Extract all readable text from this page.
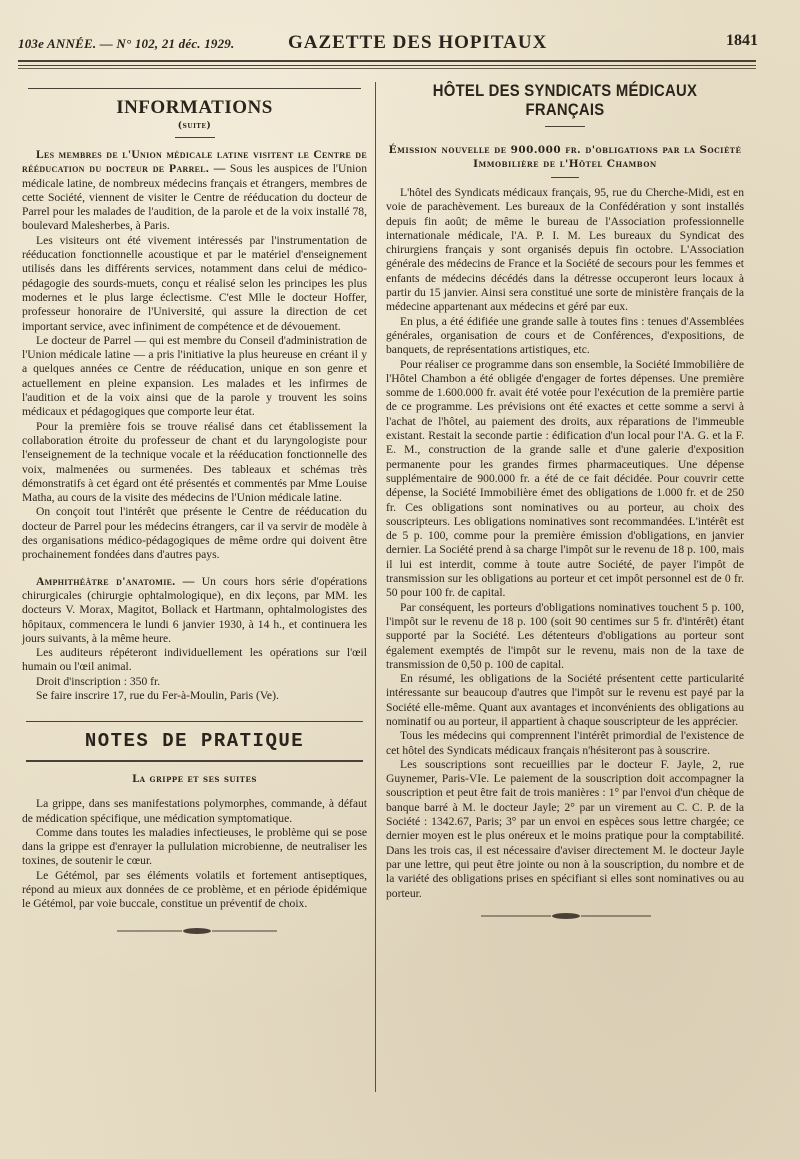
103e ANNÉE. — N° 102, 21 déc. 1929.	GAZETTE DES HOPITAUX	1841
INFORMATIONS
(suite)

Les membres de l'Union médicale latine visitent le Centre de rééducation du docteur de Parrel. — Sous les auspices de l'Union médicale latine, de nombreux médecins français et étrangers, membres de cette Société, viennent de visiter le Centre de rééducation du docteur de Parrel pour les malades de l'audition, de la parole et de la voix installé 78, boulevard Malesherbes, à Paris.

Les visiteurs ont été vivement intéressés par l'instrumentation de rééducation fonctionnelle acoustique et par le matériel d'enseignement utilisés dans les différents services, notamment dans celui de médico-pédagogie des sourds-muets, conçu et réalisé selon les principes les plus modernes et le plus large éclectisme. C'est Mlle le docteur Hoffer, professeur honoraire de l'Université, qui assure la direction de cet important service, avec infiniment de compétence et de dévouement.

Le docteur de Parrel — qui est membre du Conseil d'administration de l'Union médicale latine — a pris l'initiative la plus heureuse en créant il y a quelques années ce Centre de rééducation, unique en son genre et actuellement en pleine expansion. Les malades et les infirmes de l'audition et de la voix ainsi que de la parole y trouvent les soins médicaux et pédagogiques que comporte leur état.

Pour la première fois se trouve réalisé dans cet établissement la collaboration étroite du professeur de chant et du laryngologiste pour l'enseignement de la technique vocale et la rééducation fonctionnelle des voix, malmenées ou surmenées. Des tableaux et schémas très démonstratifs à cet égard ont été présentés et commentés par Mme Louise Matha, au cours de la visite des médecins de l'Union médicale latine.

On conçoit tout l'intérêt que présente le Centre de rééducation du docteur de Parrel pour les médecins étrangers, car il va servir de modèle à des organisations médico-pédagogiques de même ordre qui doivent être prochainement fondées dans d'autres pays.

Amphithéâtre d'anatomie. — Un cours hors série d'opérations chirurgicales (chirurgie ophtalmologique), en dix leçons, par MM. les docteurs V. Morax, Magitot, Bollack et Hartmann, ophtalmologistes des hôpitaux, commencera le lundi 6 janvier 1930, à 14 h., et continuera les jours suivants, à la même heure.

Les auditeurs répéteront individuellement les opérations sur l'œil humain ou l'œil animal.

Droit d'inscription : 350 fr.

Se faire inscrire 17, rue du Fer-à-Moulin, Paris (Ve).

NOTES DE PRATIQUE
La grippe et ses suites

La grippe, dans ses manifestations polymorphes, commande, à défaut de médication spécifique, une médication symptomatique.

Comme dans toutes les maladies infectieuses, le problème qui se pose dans la grippe est d'enrayer la pullulation microbienne, de neutraliser les toxines, de soutenir le cœur.

Le Gétémol, par ses éléments volatils et fortement antiseptiques, répond au mieux aux données de ce problème, et en période épidémique le Gétémol, par voie buccale, constitue un préventif de choix.

HÔTEL DES SYNDICATS MÉDICAUX FRANÇAIS

Émission nouvelle de 900.000 fr. d'obligations par la Société Immobilière de l'Hôtel Chambon

L'hôtel des Syndicats médicaux français, 95, rue du Cherche-Midi, est en voie de parachèvement. Les bureaux de la Confédération y sont installés depuis fin août; de même le bureau de l'Association professionnelle internationale médicale, l'A. P. I. M. Les bureaux du Syndicat des chirurgiens français y sont organisés depuis fin octobre. L'Association générale des médecins de France et la Société de secours pour les femmes et enfants de médecins décédés dans la détresse occuperont leurs locaux à partir du 15 janvier. Ainsi sera constitué une sorte de ministère français de la médecine appartenant aux médecins et géré par eux.

En plus, a été édifiée une grande salle à toutes fins : tenues d'Assemblées générales, organisation de cours et de Conférences, d'expositions, de banquets, de représentations artistiques, etc.

Pour réaliser ce programme dans son ensemble, la Société Immobilière de l'Hôtel Chambon a été obligée d'engager de fortes dépenses. Une première somme de 1.600.000 fr. avait été votée pour l'exécution de la première partie de ce programme. Les prévisions ont été exactes et cette somme a servi à l'achat de l'hôtel, au paiement des droits, aux réparations de l'immeuble existant. Restait la seconde partie : édification d'un local pour l'A. G. et la F. E. M., construction de la grande salle et d'une galerie d'exposition permanente pour les grandes firmes pharmaceutiques. Une dépense supplémentaire de 900.000 fr. a été de ce fait décidée. Pour couvrir cette dépense, la Société Immobilière émet des obligations de 1.000 fr. et de 250 fr. Ces obligations sont nominatives ou au porteur, au choix des souscripteurs. Les obligations nominatives sont recommandées. L'intérêt est de 5 p. 100, comme pour la première émission d'obligations, en janvier dernier. La Société prend à sa charge l'impôt sur le revenu de 18 p. 100, mais il lui est interdit, comme à toute autre Société, de payer l'impôt de transmission sur les obligations au porteur et cet impôt personnel est de 0 fr. 50 pour 100 fr. de capital.

Par conséquent, les porteurs d'obligations nominatives touchent 5 p. 100, l'impôt sur le revenu de 18 p. 100 (soit 90 centimes sur 5 fr. d'intérêt) étant supporté par la Société. Les détenteurs d'obligations au porteur sont également exemptés de l'impôt sur le revenu, mais non de la taxe de transmission de 0,50 p. 100 de capital.

En résumé, les obligations de la Société présentent cette particularité intéressante sur beaucoup d'autres que l'impôt sur le revenu est payé par la Société elle-même. Quant aux avantages et inconvénients des obligations au nominatif ou au porteur, il appartient à chaque souscripteur de les apprécier.

Tous les médecins qui comprennent l'intérêt primordial de l'existence de cet hôtel des Syndicats médicaux français n'hésiteront pas à souscrire.

Les souscriptions sont recueillies par le docteur F. Jayle, 2, rue Guynemer, Paris-VIe. Le paiement de la souscription doit accompagner la souscription et peut être fait de trois manières : 1° par l'envoi d'un chèque de banque barré à M. le docteur Jayle; 2° par un virement au C. C. P. de la Société : 1342.67, Paris; 3° par un envoi en espèces sous lettre chargée; ce dernier moyen est le plus onéreux et le moins pratique pour la comptabilité. Dans les trois cas, il est nécessaire d'aviser directement M. le docteur Jayle par une lettre, qui peut être jointe ou non à la souscription, du nombre et de la variété des obligations prises en spécifiant si elles sont nominatives ou au porteur.
